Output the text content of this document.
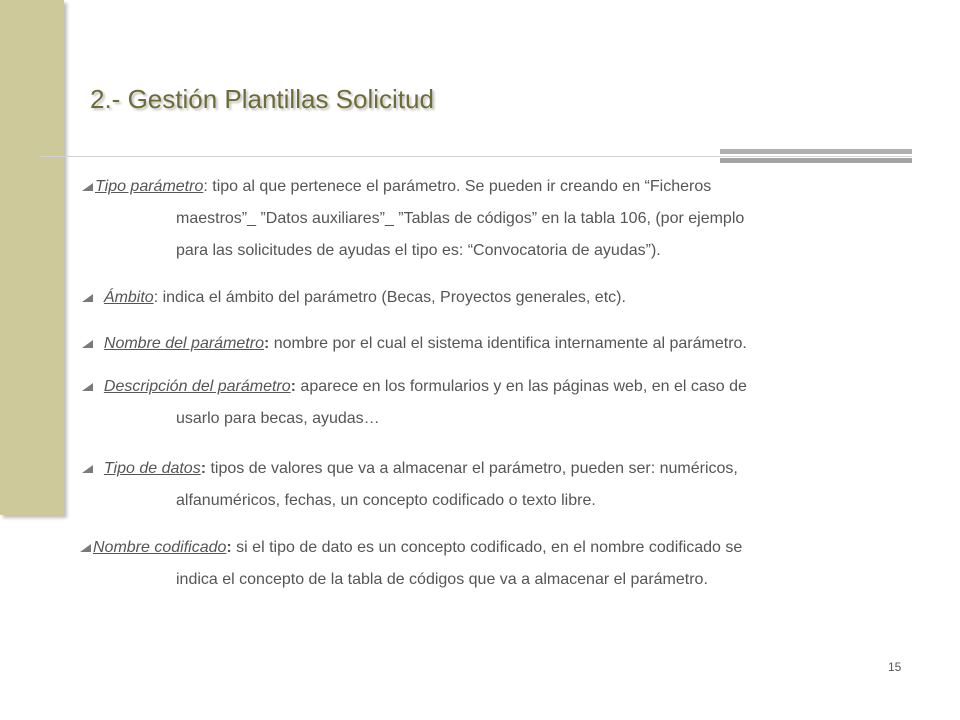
2.- Gestión Plantillas Solicitud
Tipo parámetro: tipo al que pertenece el parámetro. Se pueden ir creando en “Ficheros
maestros”_ ”Datos auxiliares”_ ”Tablas de códigos” en la tabla 106, (por ejemplo
para las solicitudes de ayudas el tipo es: “Convocatoria de ayudas”).
Ámbito: indica el ámbito del parámetro (Becas, Proyectos generales, etc).
Nombre del parámetro: nombre por el cual el sistema identifica internamente al parámetro.
Descripción del parámetro: aparece en los formularios y en las páginas web, en el caso de
usarlo para becas, ayudas…
Tipo de datos: tipos de valores que va a almacenar el parámetro, pueden ser: numéricos,
alfanuméricos, fechas, un concepto codificado o texto libre.
Nombre codificado: si el tipo de dato es un concepto codificado, en el nombre codificado se
indica el concepto de la tabla de códigos que va a almacenar el parámetro.
15
